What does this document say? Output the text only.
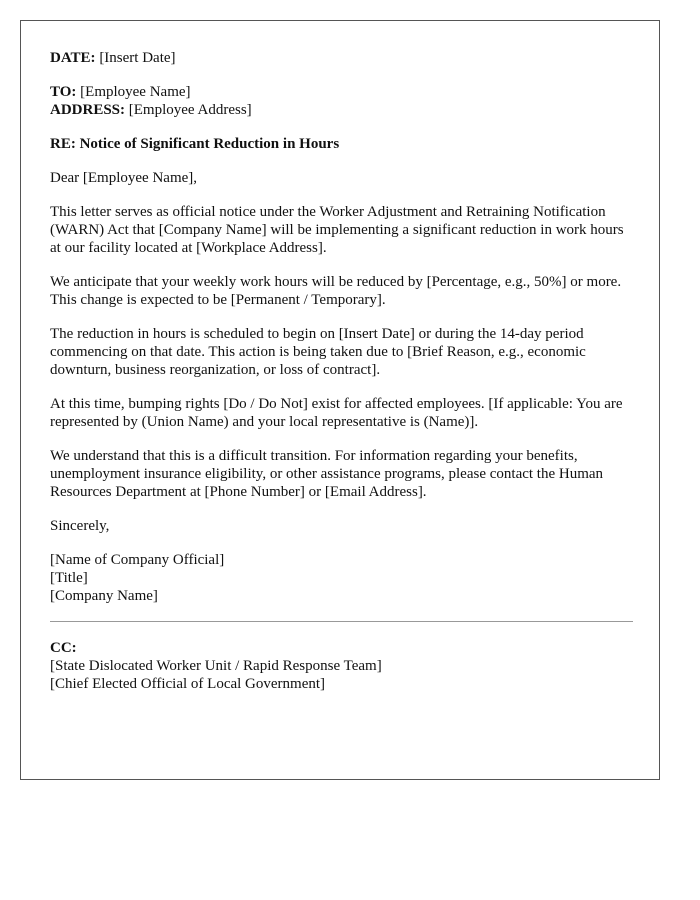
DATE: [Insert Date]
TO: [Employee Name]
ADDRESS: [Employee Address]
RE: Notice of Significant Reduction in Hours
Dear [Employee Name],
This letter serves as official notice under the Worker Adjustment and Retraining Notification (WARN) Act that [Company Name] will be implementing a significant reduction in work hours at our facility located at [Workplace Address].
We anticipate that your weekly work hours will be reduced by [Percentage, e.g., 50%] or more. This change is expected to be [Permanent / Temporary].
The reduction in hours is scheduled to begin on [Insert Date] or during the 14-day period commencing on that date. This action is being taken due to [Brief Reason, e.g., economic downturn, business reorganization, or loss of contract].
At this time, bumping rights [Do / Do Not] exist for affected employees. [If applicable: You are represented by (Union Name) and your local representative is (Name)].
We understand that this is a difficult transition. For information regarding your benefits, unemployment insurance eligibility, or other assistance programs, please contact the Human Resources Department at [Phone Number] or [Email Address].
Sincerely,
[Name of Company Official]
[Title]
[Company Name]
CC:
[State Dislocated Worker Unit / Rapid Response Team]
[Chief Elected Official of Local Government]
